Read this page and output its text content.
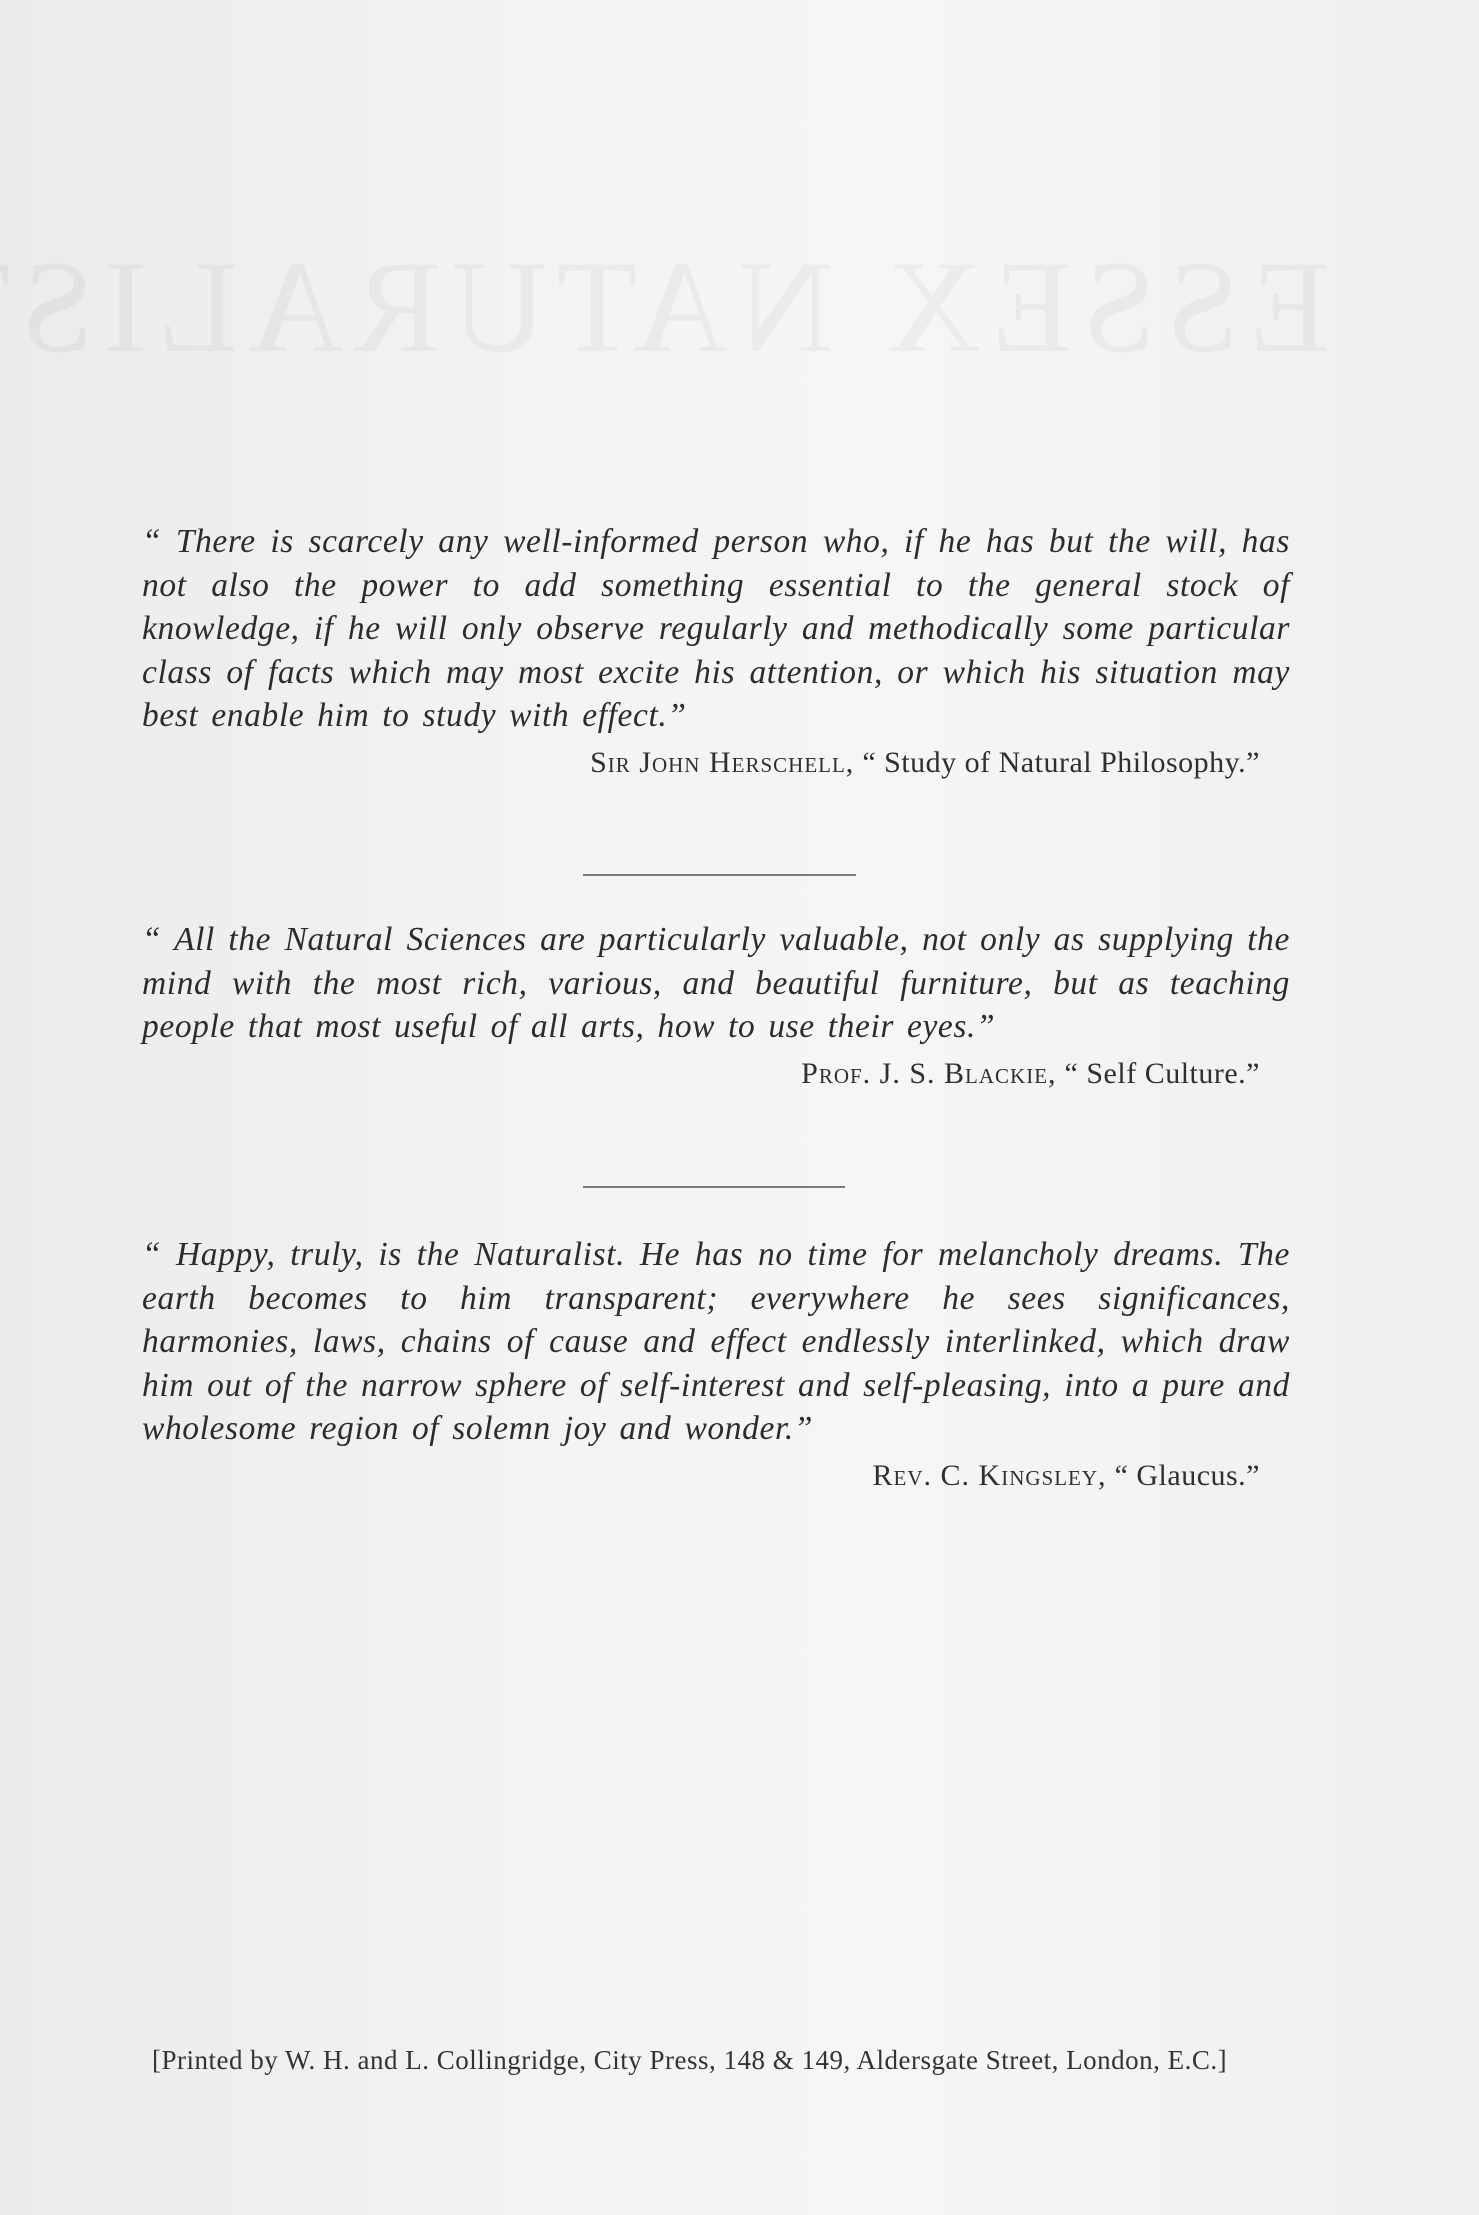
“ There is scarcely any well-informed person who, if he has but the will, has not also the power to add something essential to the general stock of knowledge, if he will only observe regularly and methodically some particular class of facts which may most excite his attention, or which his situation may best enable him to study with effect.”

Sir John Herschell, “ Study of Natural Philosophy.”

“ All the Natural Sciences are particularly valuable, not only as supplying the mind with the most rich, various, and beautiful furniture, but as teaching people that most useful of all arts, how to use their eyes.”

Prof. J. S. Blackie, “ Self Culture.”

“ Happy, truly, is the Naturalist. He has no time for melancholy dreams. The earth becomes to him transparent; everywhere he sees significances, harmonies, laws, chains of cause and effect endlessly interlinked, which draw him out of the narrow sphere of self-interest and self-pleasing, into a pure and wholesome region of solemn joy and wonder.”

Rev. C. Kingsley, “ Glaucus.”
[Printed by W. H. and L. Collingridge, City Press, 148 & 149, Aldersgate Street, London, E.C.]
